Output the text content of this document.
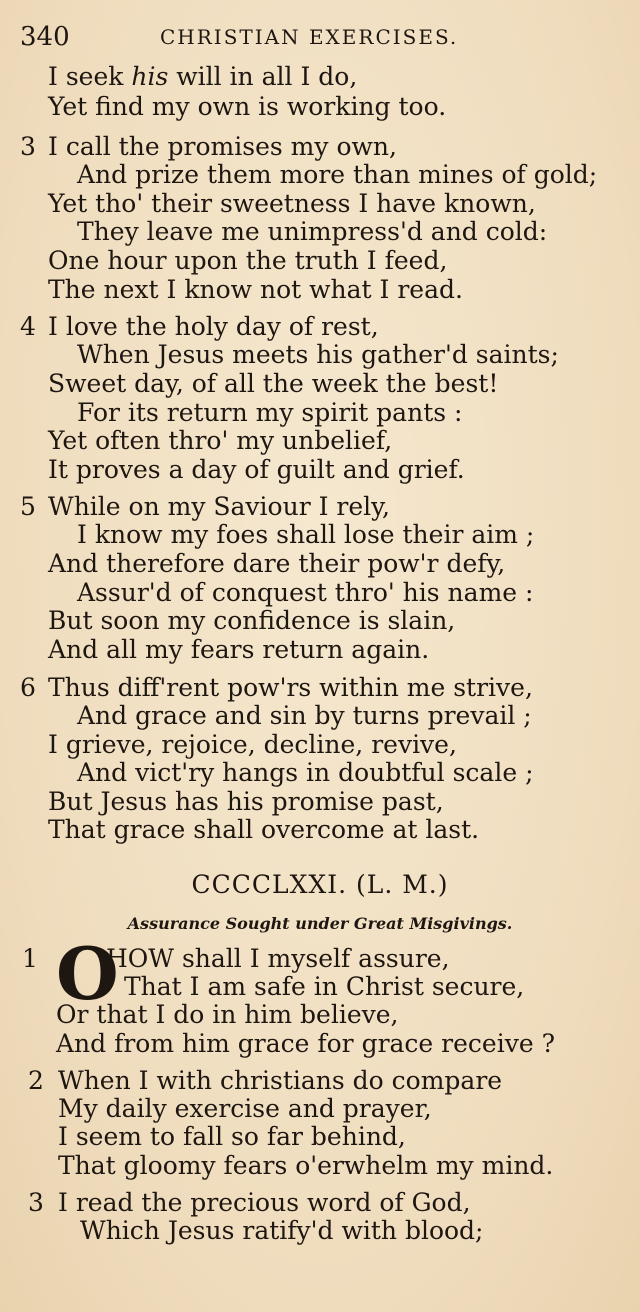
340	CHRISTIAN EXERCISES.
I seek his will in all I do,
Yet find my own is working too.
3 I call the promises my own,
And prize them more than mines of gold;
Yet tho' their sweetness I have known,
They leave me unimpress'd and cold:
One hour upon the truth I feed,
The next I know not what I read.
4 I love the holy day of rest,
When Jesus meets his gather'd saints;
Sweet day, of all the week the best!
For its return my spirit pants :
Yet often thro' my unbelief,
It proves a day of guilt and grief.
5 While on my Saviour I rely,
I know my foes shall lose their aim ;
And therefore dare their pow'r defy,
Assur'd of conquest thro' his name :
But soon my confidence is slain,
And all my fears return again.
6 Thus diff'rent pow'rs within me strive,
And grace and sin by turns prevail ;
I grieve, rejoice, decline, revive,
And vict'ry hangs in doubtful scale ;
But Jesus has his promise past,
That grace shall overcome at last.
CCCCLXXI. (L. M.)
Assurance Sought under Great Misgivings.
1 O
HOW shall I myself assure,
That I am safe in Christ secure,
Or that I do in him believe,
And from him grace for grace receive ?
2 When I with christians do compare
My daily exercise and prayer,
I seem to fall so far behind,
That gloomy fears o'erwhelm my mind.
3 I read the precious word of God,
Which Jesus ratify'd with blood;
